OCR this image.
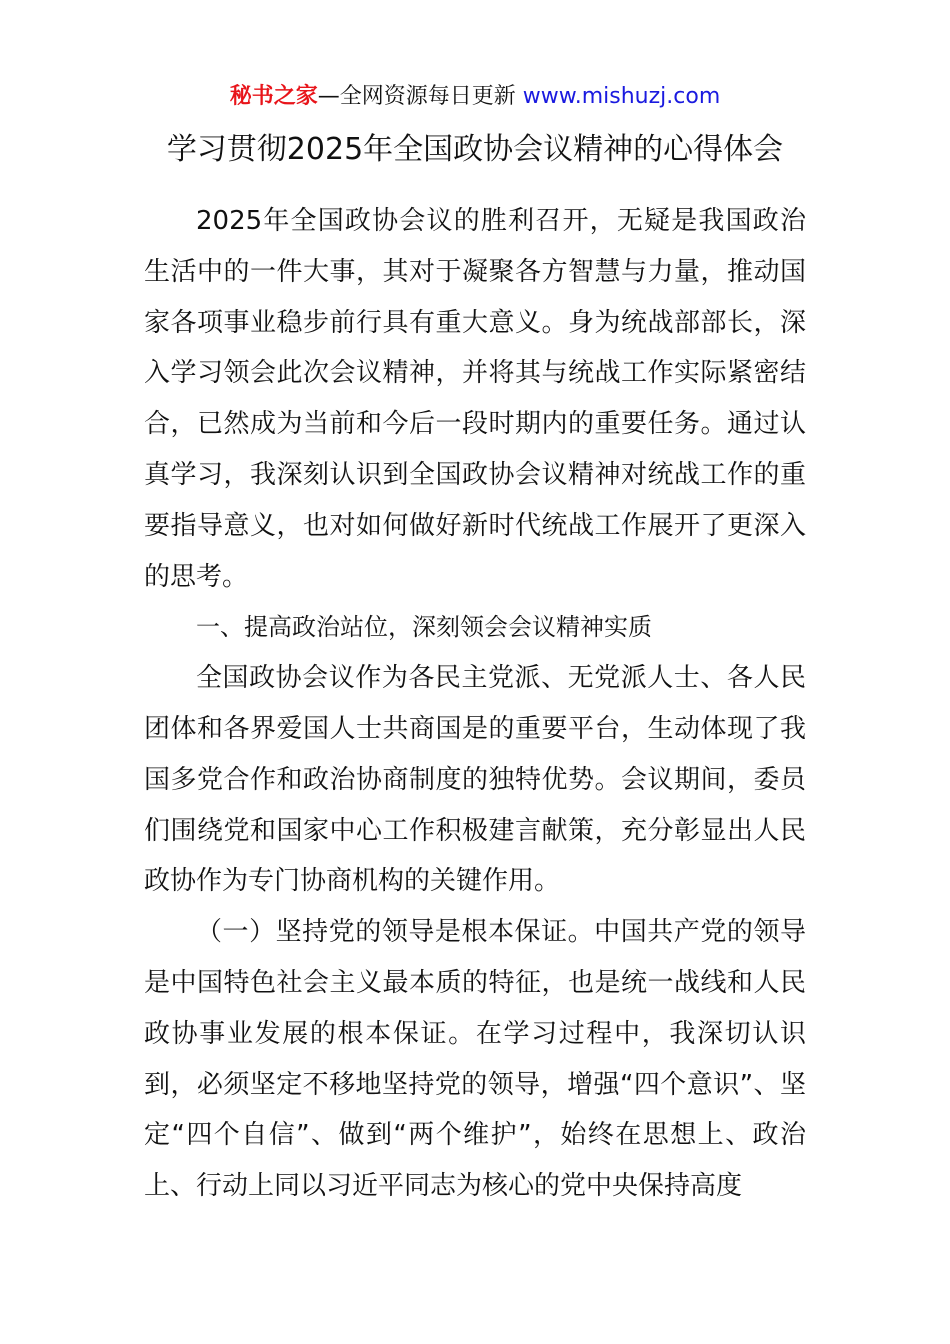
秘书之家—全网资源每日更新 www.mishuzj.com
学习贯彻2025年全国政协会议精神的心得体会

2025年全国政协会议的胜利召开，无疑是我国政治生活中的一件大事，其对于凝聚各方智慧与力量，推动国家各项事业稳步前行具有重大意义。身为统战部部长，深入学习领会此次会议精神，并将其与统战工作实际紧密结合，已然成为当前和今后一段时期内的重要任务。通过认真学习，我深刻认识到全国政协会议精神对统战工作的重要指导意义，也对如何做好新时代统战工作展开了更深入的思考。

一、提高政治站位，深刻领会会议精神实质

全国政协会议作为各民主党派、无党派人士、各人民团体和各界爱国人士共商国是的重要平台，生动体现了我国多党合作和政治协商制度的独特优势。会议期间，委员们围绕党和国家中心工作积极建言献策，充分彰显出人民政协作为专门协商机构的关键作用。

（一）坚持党的领导是根本保证。中国共产党的领导是中国特色社会主义最本质的特征，也是统一战线和人民政协事业发展的根本保证。在学习过程中，我深切认识到，必须坚定不移地坚持党的领导，增强“四个意识”、坚定“四个自信”、做到“两个维护”，始终在思想上、政治上、行动上同以习近平同志为核心的党中央保持高度
